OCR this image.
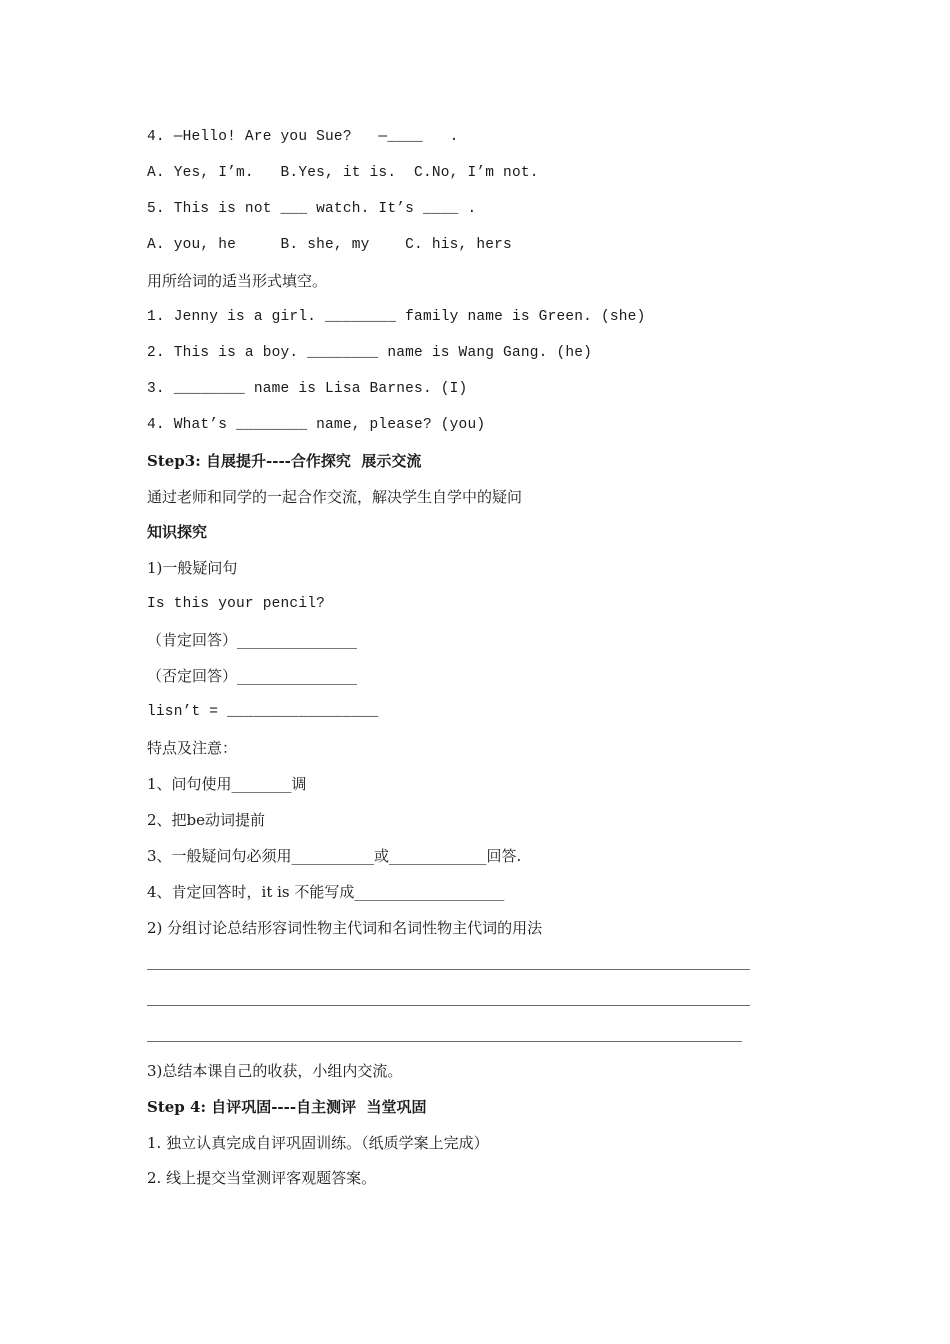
4. —Hello! Are you Sue?   —____   .
A. Yes, I’m.   B.Yes, it is.  C.No, I’m not.
5. This is not ___ watch. It’s ____ .
A. you, he     B. she, my    C. his, hers
用所给词的适当形式填空。
1. Jenny is a girl. ________ family name is Green. (she)
2. This is a boy. ________ name is Wang Gang. (he)
3. ________ name is Lisa Barnes. (I)
4. What’s ________ name, please? (you)
Step3: 自展提升----合作探究  展示交流
通过老师和同学的一起合作交流，解决学生自学中的疑问
知识探究
1)一般疑问句
Is this your pencil?
（肯定回答）________________
（否定回答）________________
lisn’t = _________________
特点及注意：
1、问句使用________调
2、把be动词提前
3、一般疑问句必须用___________或_____________回答.
4、肯定回答时，it is 不能写成____________________
2) 分组讨论总结形容词性物主代词和名词性物主代词的用法
3)总结本课自己的收获，小组内交流。
Step 4: 自评巩固----自主测评  当堂巩固
1. 独立认真完成自评巩固训练。（纸质学案上完成）
2. 线上提交当堂测评客观题答案。
